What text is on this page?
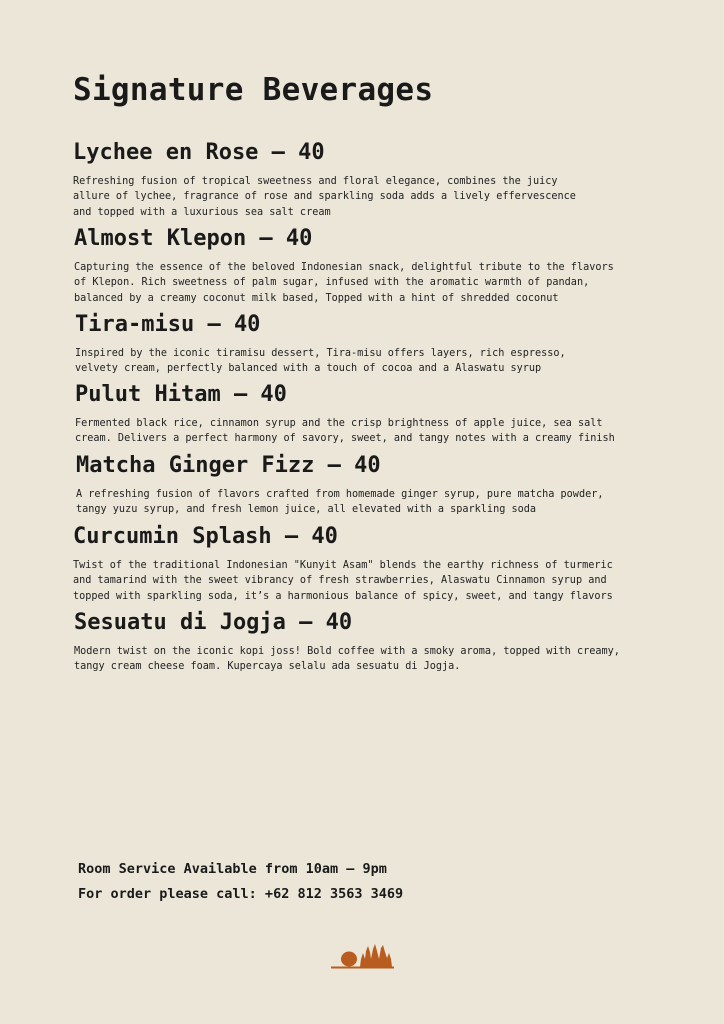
Signature Beverages
Lychee en Rose – 40
Refreshing fusion of tropical sweetness and floral elegance, combines the juicy
allure of lychee, fragrance of rose and sparkling soda adds a lively effervescence
and topped with a luxurious sea salt cream
Almost Klepon – 40
Capturing the essence of the beloved Indonesian snack, delightful tribute to the flavors
of Klepon. Rich sweetness of palm sugar, infused with the aromatic warmth of pandan,
balanced by a creamy coconut milk based, Topped with a hint of shredded coconut
Tira-misu – 40
Inspired by the iconic tiramisu dessert, Tira-misu offers layers, rich espresso,
velvety cream, perfectly balanced with a touch of cocoa and a Alaswatu syrup
Pulut Hitam – 40
Fermented black rice, cinnamon syrup and the crisp brightness of apple juice, sea salt
cream. Delivers a perfect harmony of savory, sweet, and tangy notes with a creamy finish
Matcha Ginger Fizz – 40
A refreshing fusion of flavors crafted from homemade ginger syrup, pure matcha powder,
tangy yuzu syrup, and fresh lemon juice, all elevated with a sparkling soda
Curcumin Splash – 40
Twist of the traditional Indonesian "Kunyit Asam" blends the earthy richness of turmeric
and tamarind with the sweet vibrancy of fresh strawberries, Alaswatu Cinnamon syrup and
topped with sparkling soda, it’s a harmonious balance of spicy, sweet, and tangy flavors
Sesuatu di Jogja – 40
Modern twist on the iconic kopi joss! Bold coffee with a smoky aroma, topped with creamy,
tangy cream cheese foam. Kupercaya selalu ada sesuatu di Jogja.
Room Service Available from 10am – 9pm
For order please call: +62 812 3563 3469
